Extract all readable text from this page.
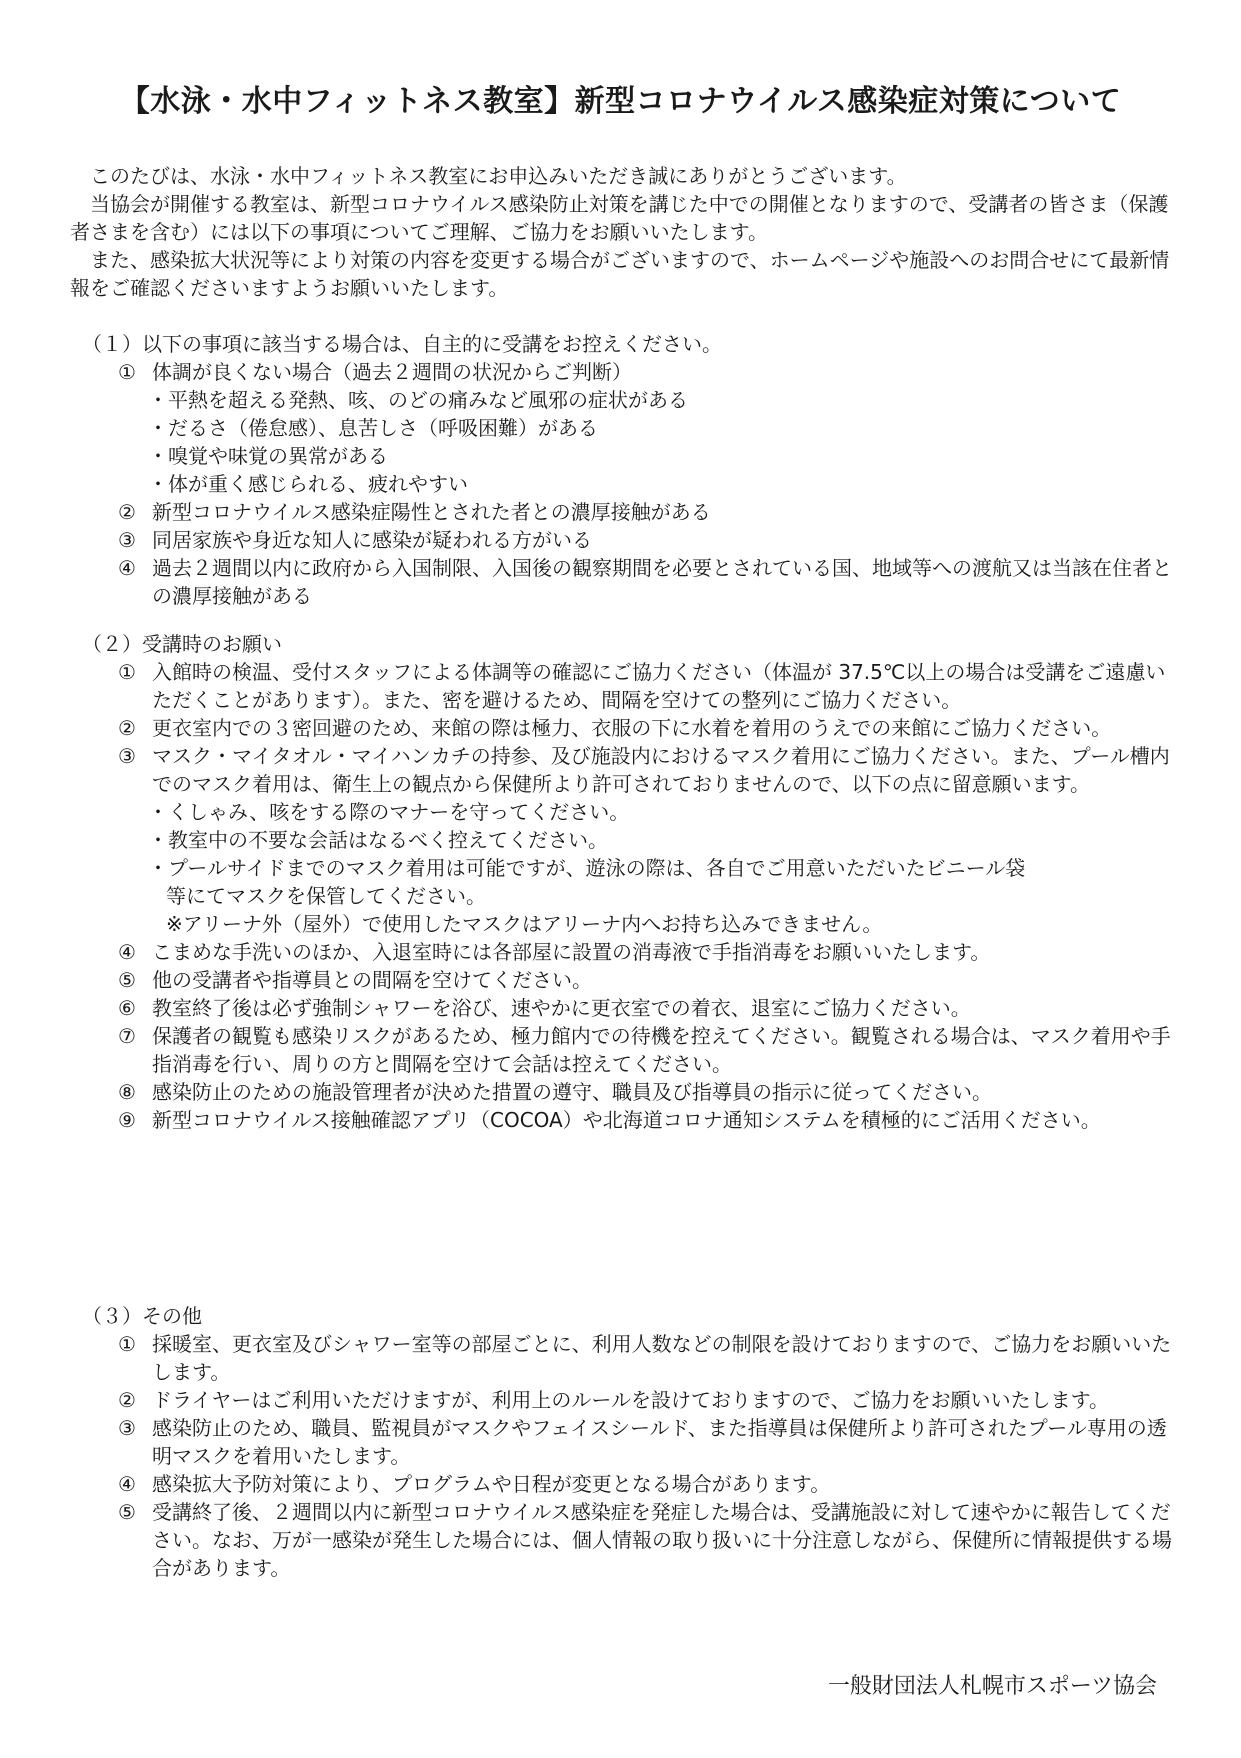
【水泳・水中フィットネス教室】新型コロナウイルス感染症対策について

このたびは、水泳・水中フィットネス教室にお申込みいただき誠にありがとうございます。

当協会が開催する教室は、新型コロナウイルス感染防止対策を講じた中での開催となりますので、受講者の皆さま（保護者さまを含む）には以下の事項についてご理解、ご協力をお願いいたします。

また、感染拡大状況等により対策の内容を変更する場合がございますので、ホームページや施設へのお問合せにて最新情報をご確認くださいますようお願いいたします。

（１）以下の事項に該当する場合は、自主的に受講をお控えください。

① 体調が良くない場合（過去２週間の状況からご判断）

・平熱を超える発熱、咳、のどの痛みなど風邪の症状がある

・だるさ（倦怠感）、息苦しさ（呼吸困難）がある

・嗅覚や味覚の異常がある

・体が重く感じられる、疲れやすい

② 新型コロナウイルス感染症陽性とされた者との濃厚接触がある
③ 同居家族や身近な知人に感染が疑われる方がいる
④ 過去２週間以内に政府から入国制限、入国後の観察期間を必要とされている国、地域等への渡航又は当該在住者との濃厚接触がある

（２）受講時のお願い

① 入館時の検温、受付スタッフによる体調等の確認にご協力ください（体温が 37.5℃以上の場合は受講をご遠慮いただくことがあります）。また、密を避けるため、間隔を空けての整列にご協力ください。
② 更衣室内での３密回避のため、来館の際は極力、衣服の下に水着を着用のうえでの来館にご協力ください。
③ マスク・マイタオル・マイハンカチの持参、及び施設内におけるマスク着用にご協力ください。また、プール槽内でのマスク着用は、衛生上の観点から保健所より許可されておりませんので、以下の点に留意願います。

・くしゃみ、咳をする際のマナーを守ってください。

・教室中の不要な会話はなるべく控えてください。

・プールサイドまでのマスク着用は可能ですが、遊泳の際は、各自でご用意いただいたビニール袋

等にてマスクを保管してください。

※アリーナ外（屋外）で使用したマスクはアリーナ内へお持ち込みできません。

④ こまめな手洗いのほか、入退室時には各部屋に設置の消毒液で手指消毒をお願いいたします。
⑤ 他の受講者や指導員との間隔を空けてください。
⑥ 教室終了後は必ず強制シャワーを浴び、速やかに更衣室での着衣、退室にご協力ください。
⑦ 保護者の観覧も感染リスクがあるため、極力館内での待機を控えてください。観覧される場合は、マスク着用や手指消毒を行い、周りの方と間隔を空けて会話は控えてください。
⑧ 感染防止のための施設管理者が決めた措置の遵守、職員及び指導員の指示に従ってください。
⑨ 新型コロナウイルス接触確認アプリ（COCOA）や北海道コロナ通知システムを積極的にご活用ください。

（３）その他

① 採暖室、更衣室及びシャワー室等の部屋ごとに、利用人数などの制限を設けておりますので、ご協力をお願いいたします。
② ドライヤーはご利用いただけますが、利用上のルールを設けておりますので、ご協力をお願いいたします。
③ 感染防止のため、職員、監視員がマスクやフェイスシールド、また指導員は保健所より許可されたプール専用の透明マスクを着用いたします。
④ 感染拡大予防対策により、プログラムや日程が変更となる場合があります。
⑤ 受講終了後、２週間以内に新型コロナウイルス感染症を発症した場合は、受講施設に対して速やかに報告してください。なお、万が一感染が発生した場合には、個人情報の取り扱いに十分注意しながら、保健所に情報提供する場合があります。
一般財団法人札幌市スポーツ協会
